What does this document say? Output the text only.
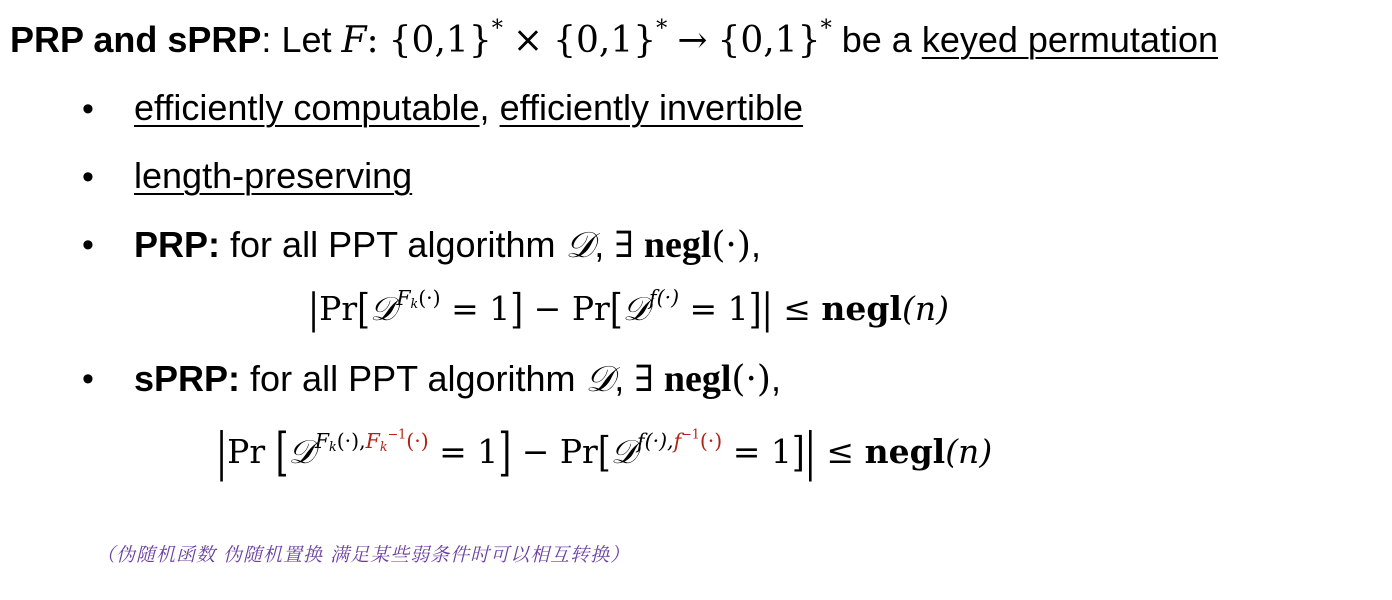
PRP and sPRP: Let F: {0,1}* × {0,1}* → {0,1}* be a keyed permutation
• efficiently computable, efficiently invertible
• length-preserving
• PRP: for all PPT algorithm 𝒟, ∃ negl(·),
|Pr[𝒟$^{F_k(\cdot)}$ = 1] − Pr[𝒟$^{f(\cdot)}$ = 1]| ≤ negl(n)
• sPRP: for all PPT algorithm 𝒟, ∃ negl(·),
|Pr [𝒟$^{F_k(\cdot),F_k^{-1}(\cdot)}$ = 1] − Pr[𝒟$^{f(\cdot),f^{-1}(\cdot)}$ = 1]| ≤ negl(n)
（伪随机函数 伪随机置换 满足某些弱条件时可以相互转换）
